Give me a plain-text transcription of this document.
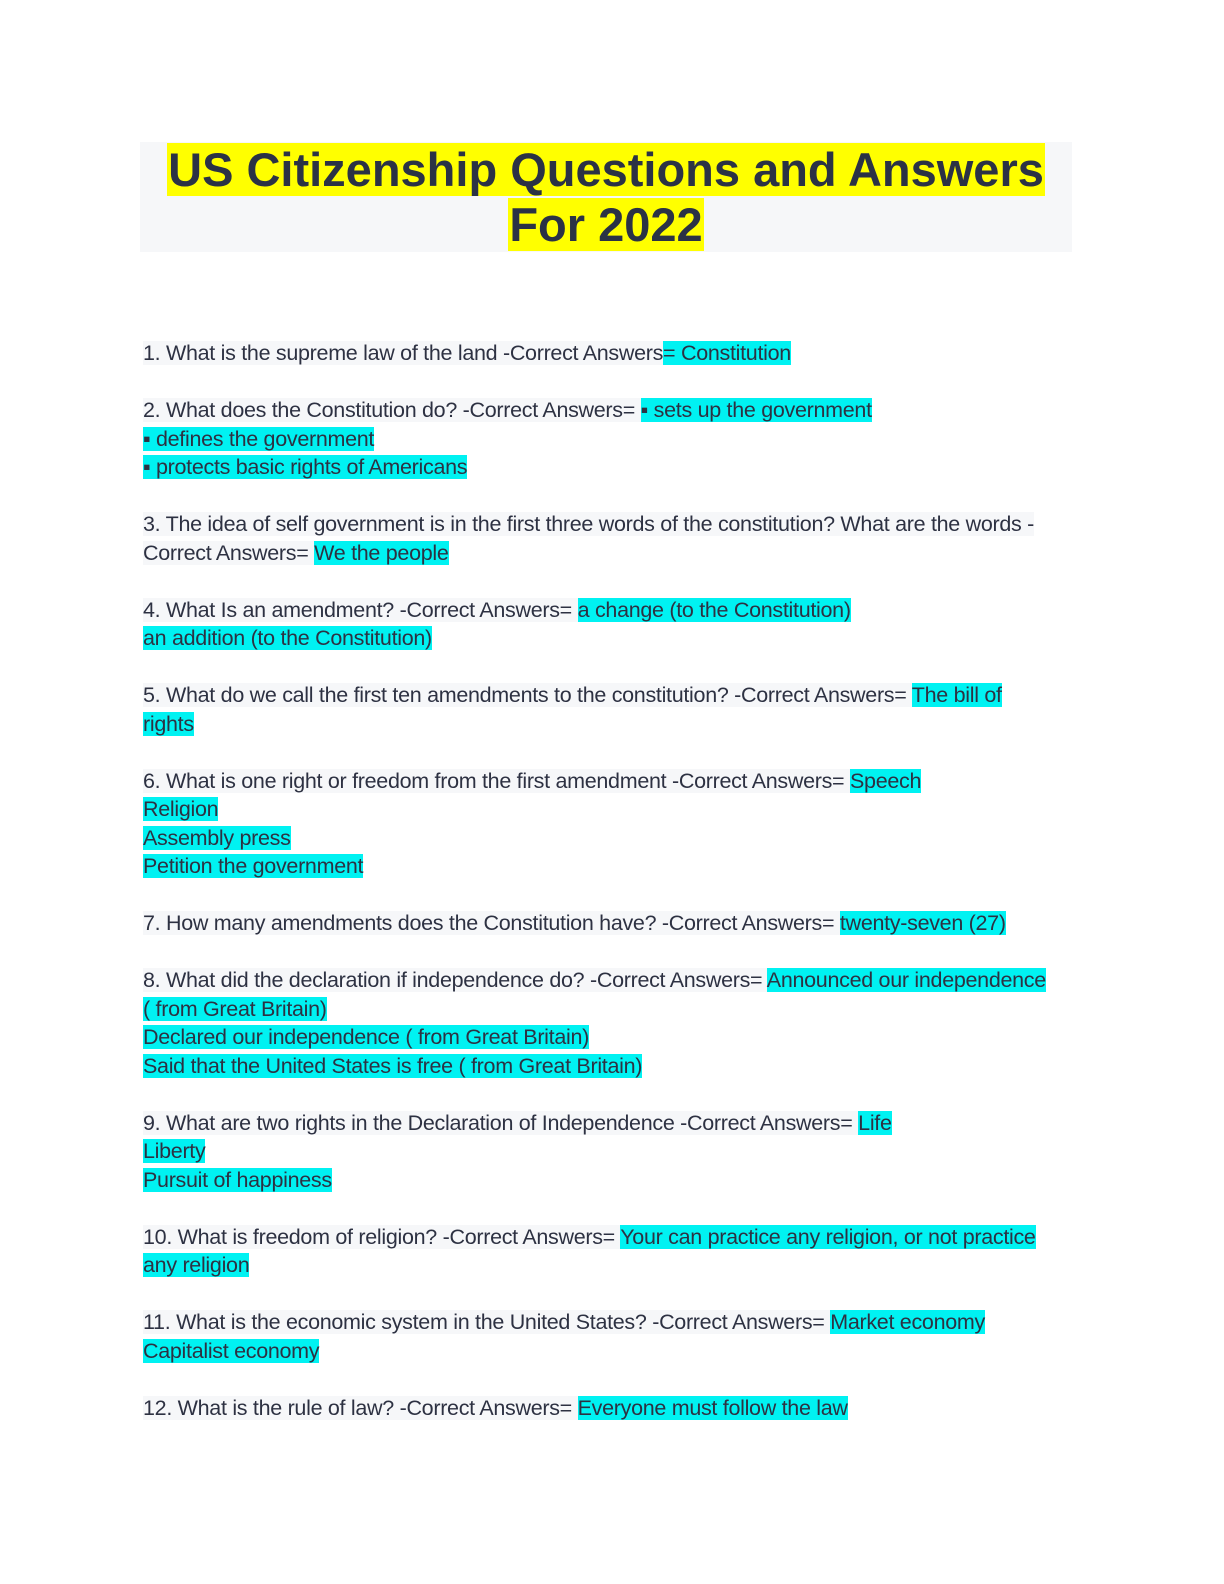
US Citizenship Questions and Answers
For 2022
1. What is the supreme law of the land -Correct Answers= Constitution
2. What does the Constitution do? -Correct Answers= ▪ sets up the government
▪ defines the government
▪ protects basic rights of Americans
3. The idea of self government is in the first three words of the constitution? What are the words -Correct Answers= We the people
4. What Is an amendment? -Correct Answers= a change (to the Constitution)
an addition (to the Constitution)
5. What do we call the first ten amendments to the constitution? -Correct Answers= The bill of rights
6. What is one right or freedom from the first amendment -Correct Answers= Speech
Religion
Assembly press
Petition the government
7. How many amendments does the Constitution have? -Correct Answers= twenty-seven (27)
8. What did the declaration if independence do? -Correct Answers= Announced our independence ( from Great Britain)
Declared our independence ( from Great Britain)
Said that the United States is free ( from Great Britain)
9. What are two rights in the Declaration of Independence -Correct Answers= Life
Liberty
Pursuit of happiness
10. What is freedom of religion? -Correct Answers= Your can practice any religion, or not practice any religion
11. What is the economic system in the United States? -Correct Answers= Market economy
Capitalist economy
12. What is the rule of law? -Correct Answers= Everyone must follow the law
